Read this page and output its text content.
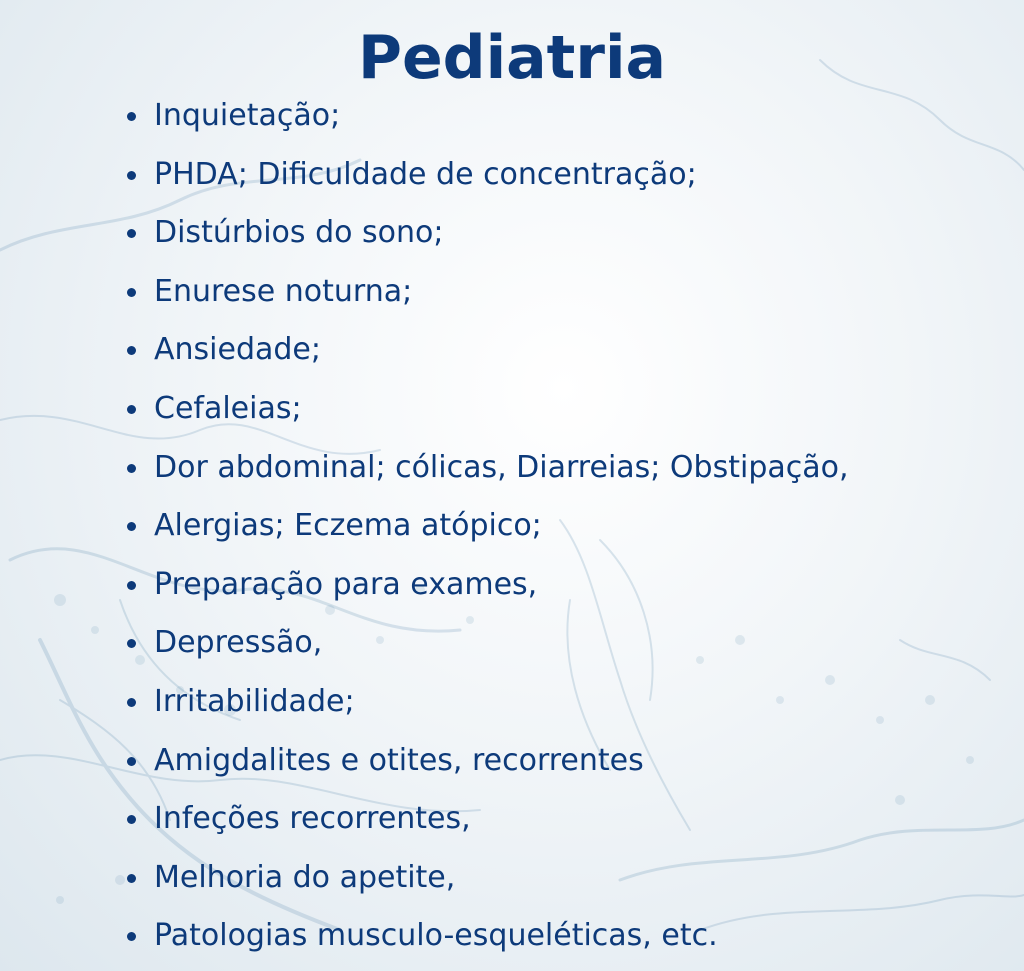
Pediatria
Inquietação;
PHDA; Dificuldade de concentração;
Distúrbios do sono;
Enurese noturna;
Ansiedade;
Cefaleias;
Dor abdominal; cólicas, Diarreias; Obstipação,
Alergias; Eczema atópico;
Preparação para exames,
Depressão,
Irritabilidade;
Amigdalites e otites, recorrentes
Infeções recorrentes,
Melhoria do apetite,
Patologias musculo-esqueléticas, etc.
